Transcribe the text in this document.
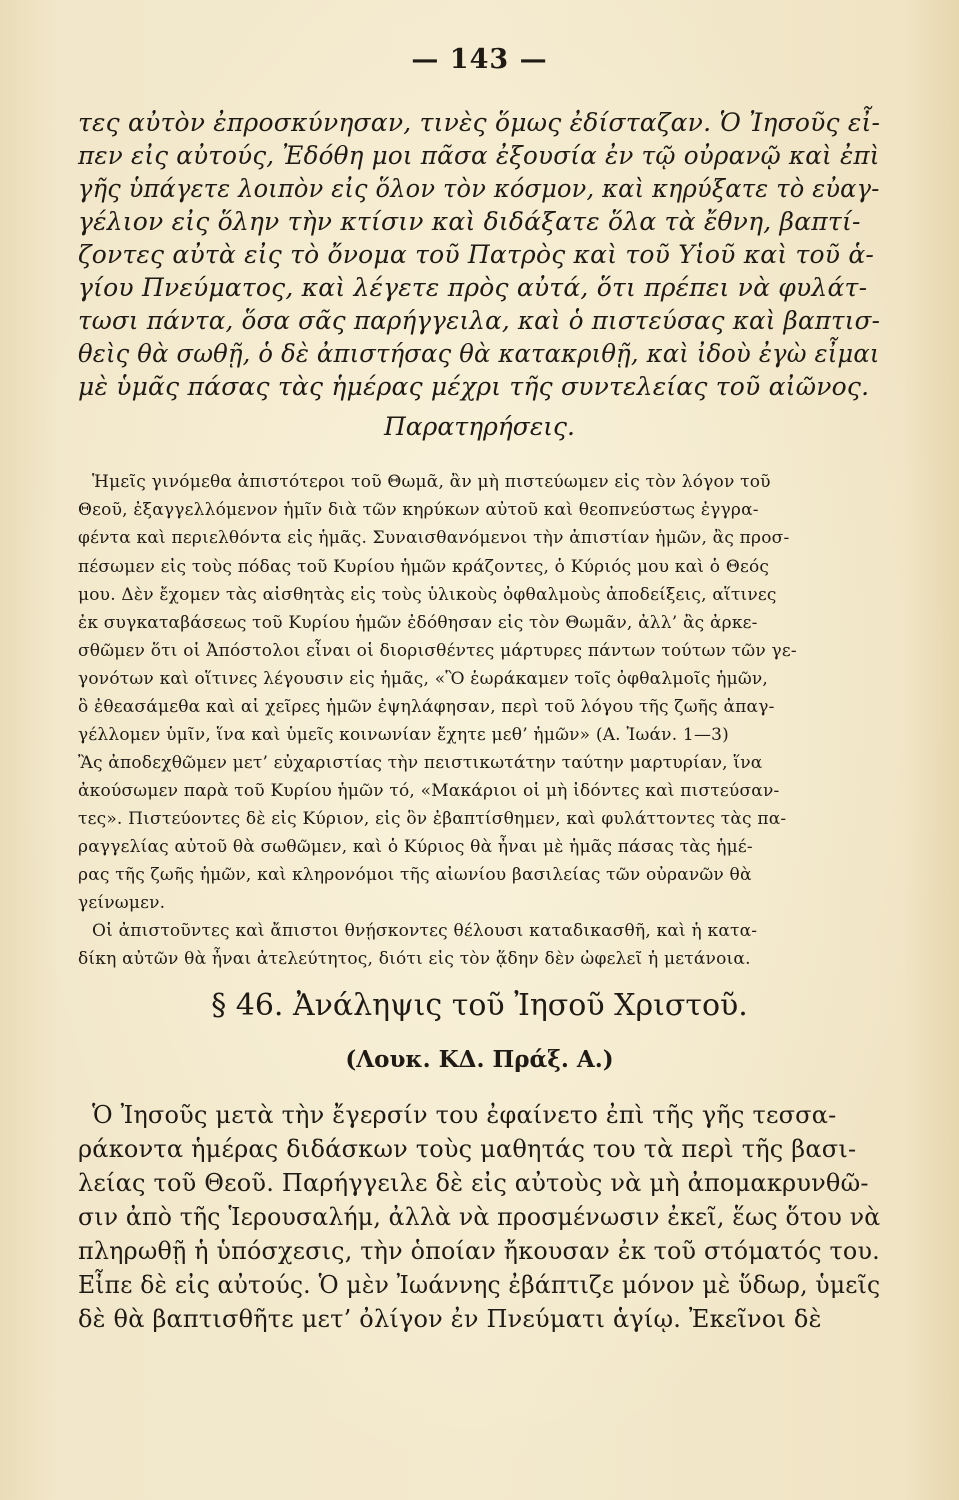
— 143 —
τες αὐτὸν ἐπροσκύνησαν, τινὲς ὅμως ἐδίσταζαν. Ὁ Ἰησοῦς εἶ-
πεν εἰς αὐτούς, Ἐδόθη μοι πᾶσα ἐξουσία ἐν τῷ οὐρανῷ καὶ ἐπὶ
γῆς ὑπάγετε λοιπὸν εἰς ὅλον τὸν κόσμον, καὶ κηρύξατε τὸ εὐαγ-
γέλιον εἰς ὅλην τὴν κτίσιν καὶ διδάξατε ὅλα τὰ ἔθνη, βαπτί-
ζοντες αὐτὰ εἰς τὸ ὄνομα τοῦ Πατρὸς καὶ τοῦ Υἱοῦ καὶ τοῦ ἁ-
γίου Πνεύματος, καὶ λέγετε πρὸς αὐτά, ὅτι πρέπει νὰ φυλάτ-
τωσι πάντα, ὅσα σᾶς παρήγγειλα, καὶ ὁ πιστεύσας καὶ βαπτισ-
θεὶς θὰ σωθῇ, ὁ δὲ ἀπιστήσας θὰ κατακριθῇ, καὶ ἰδοὺ ἐγὼ εἶμαι
μὲ ὑμᾶς πάσας τὰς ἡμέρας μέχρι τῆς συντελείας τοῦ αἰῶνος.
Παρατηρήσεις.
Ἡμεῖς γινόμεθα ἀπιστότεροι τοῦ Θωμᾶ, ἂν μὴ πιστεύωμεν εἰς τὸν λόγον τοῦ
Θεοῦ, ἐξαγγελλόμενον ἡμῖν διὰ τῶν κηρύκων αὐτοῦ καὶ θεοπνεύστως ἐγγρα-
φέντα καὶ περιελθόντα εἰς ἡμᾶς. Συναισθανόμενοι τὴν ἀπιστίαν ἡμῶν, ἂς προσ-
πέσωμεν εἰς τοὺς πόδας τοῦ Κυρίου ἡμῶν κράζοντες, ὁ Κύριός μου καὶ ὁ Θεός
μου. Δὲν ἔχομεν τὰς αἰσθητὰς εἰς τοὺς ὑλικοὺς ὀφθαλμοὺς ἀποδείξεις, αἵτινες
ἐκ συγκαταβάσεως τοῦ Κυρίου ἡμῶν ἐδόθησαν εἰς τὸν Θωμᾶν, ἀλλ’ ἂς ἀρκε-
σθῶμεν ὅτι οἱ Ἀπόστολοι εἶναι οἱ διορισθέντες μάρτυρες πάντων τούτων τῶν γε-
γονότων καὶ οἵτινες λέγουσιν εἰς ἡμᾶς, «Ὃ ἑωράκαμεν τοῖς ὀφθαλμοῖς ἡμῶν,
ὃ ἐθεασάμεθα καὶ αἱ χεῖρες ἡμῶν ἐψηλάφησαν, περὶ τοῦ λόγου τῆς ζωῆς ἀπαγ-
γέλλομεν ὑμῖν, ἵνα καὶ ὑμεῖς κοινωνίαν ἔχητε μεθ’ ἡμῶν» (Α. Ἰωάν. 1—3)
Ἂς ἀποδεχθῶμεν μετ’ εὐχαριστίας τὴν πειστικωτάτην ταύτην μαρτυρίαν, ἵνα
ἀκούσωμεν παρὰ τοῦ Κυρίου ἡμῶν τό, «Μακάριοι οἱ μὴ ἰδόντες καὶ πιστεύσαν-
τες». Πιστεύοντες δὲ εἰς Κύριον, εἰς ὃν ἐβαπτίσθημεν, καὶ φυλάττοντες τὰς πα-
ραγγελίας αὐτοῦ θὰ σωθῶμεν, καὶ ὁ Κύριος θὰ ἦναι μὲ ἡμᾶς πάσας τὰς ἡμέ-
ρας τῆς ζωῆς ἡμῶν, καὶ κληρονόμοι τῆς αἰωνίου βασιλείας τῶν οὐρανῶν θὰ
γείνωμεν.
Οἱ ἀπιστοῦντες καὶ ἄπιστοι θνῄσκοντες θέλουσι καταδικασθῆ, καὶ ἡ κατα-
δίκη αὐτῶν θὰ ἦναι ἀτελεύτητος, διότι εἰς τὸν ᾅδην δὲν ὠφελεῖ ἡ μετάνοια.
§ 46. Ἀνάληψις τοῦ Ἰησοῦ Χριστοῦ.
(Λουκ. ΚΔ. Πράξ. Α.)
Ὁ Ἰησοῦς μετὰ τὴν ἔγερσίν του ἐφαίνετο ἐπὶ τῆς γῆς τεσσα-
ράκοντα ἡμέρας διδάσκων τοὺς μαθητάς του τὰ περὶ τῆς βασι-
λείας τοῦ Θεοῦ. Παρήγγειλε δὲ εἰς αὐτοὺς νὰ μὴ ἀπομακρυνθῶ-
σιν ἀπὸ τῆς Ἱερουσαλήμ, ἀλλὰ νὰ προσμένωσιν ἐκεῖ, ἕως ὅτου νὰ
πληρωθῇ ἡ ὑπόσχεσις, τὴν ὁποίαν ἤκουσαν ἐκ τοῦ στόματός του.
Εἶπε δὲ εἰς αὐτούς. Ὁ μὲν Ἰωάννης ἐβάπτιζε μόνον μὲ ὕδωρ, ὑμεῖς
δὲ θὰ βαπτισθῆτε μετ’ ὀλίγον ἐν Πνεύματι ἁγίῳ. Ἐκεῖνοι δὲ
